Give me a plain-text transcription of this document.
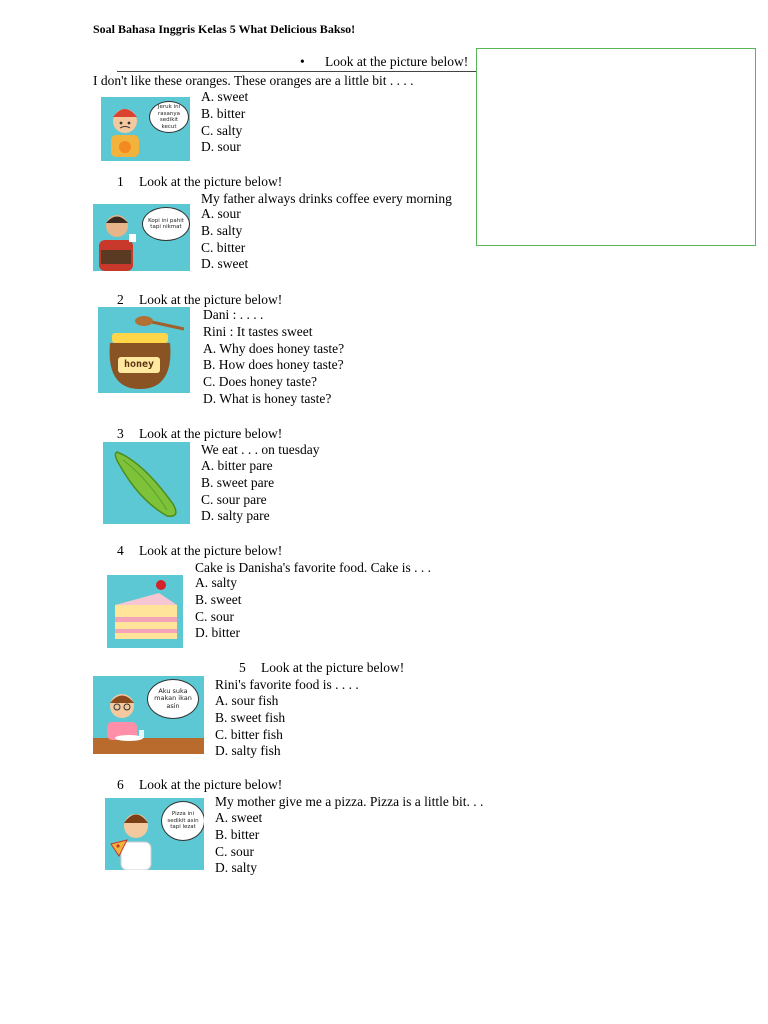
Soal Bahasa Inggris Kelas 5 What Delicious Bakso!
• Look at the picture below!
I don't like these oranges. These oranges are a little bit . . . .
Jeruk ini rasanya sedikit kecut
A. sweet
B. bitter
C. salty
D. sour
1 Look at the picture below!
My father always drinks coffee every morning
Kopi ini pahit tapi nikmat
A. sour
B. salty
C. bitter
D. sweet
2 Look at the picture below!
honey
Dani : . . . .
Rini : It tastes sweet
A. Why does honey taste?
B. How does honey taste?
C. Does honey taste?
D. What is honey taste?
3 Look at the picture below!
We eat . . . on tuesday
A. bitter pare
B. sweet pare
C. sour pare
D. salty pare
4 Look at the picture below!
Cake is Danisha's favorite food. Cake is . . .
A. salty
B. sweet
C. sour
D. bitter
5 Look at the picture below!
Rini's favorite food is . . . .
Aku suka makan ikan asin	A. sour fish
B. sweet fish
C. bitter fish
D. salty fish
6 Look at the picture below!
My mother give me a pizza. Pizza is a little bit. . .
Pizza ini sedikit asin tapi lezat
A. sweet
B. bitter
C. sour
D. salty
